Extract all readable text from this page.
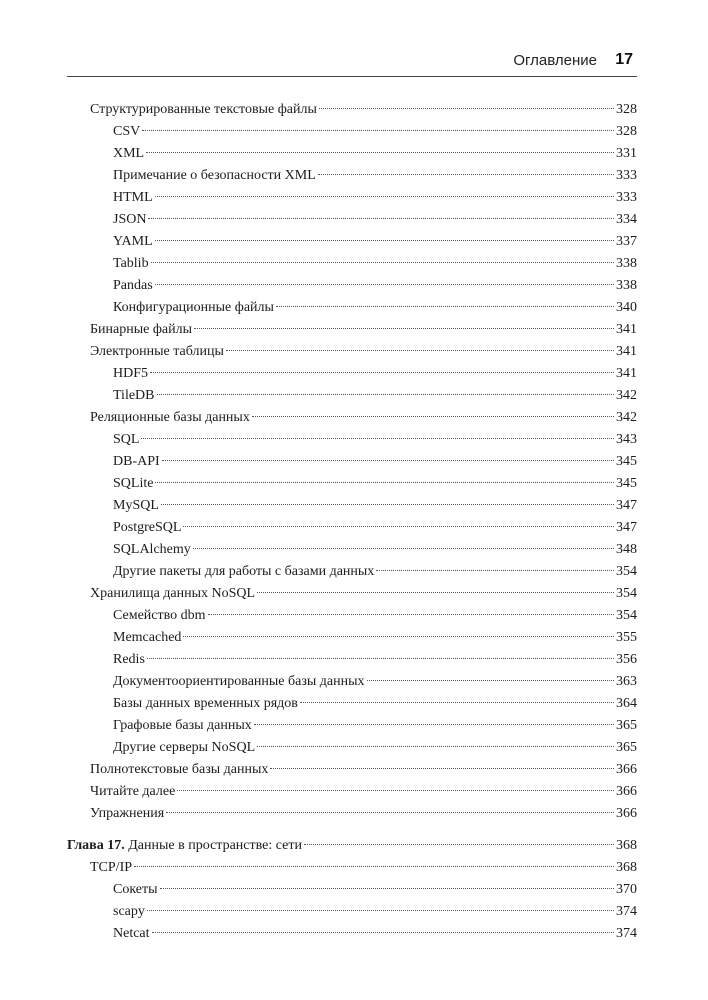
Оглавление 17
Структурированные текстовые файлы	328
CSV	328
XML	331
Примечание о безопасности XML	333
HTML	333
JSON	334
YAML	337
Tablib	338
Pandas	338
Конфигурационные файлы	340
Бинарные файлы	341
Электронные таблицы	341
HDF5	341
TileDB	342
Реляционные базы данных	342
SQL	343
DB-API	345
SQLite	345
MySQL	347
PostgreSQL	347
SQLAlchemy	348
Другие пакеты для работы с базами данных	354
Хранилища данных NoSQL	354
Семейство dbm	354
Memcached	355
Redis	356
Документоориентированные базы данных	363
Базы данных временных рядов	364
Графовые базы данных	365
Другие серверы NoSQL	365
Полнотекстовые базы данных	366
Читайте далее	366
Упражнения	366
Глава 17. Данные в пространстве: сети	368
TCP/IP	368
Сокеты	370
scapy	374
Netcat	374
